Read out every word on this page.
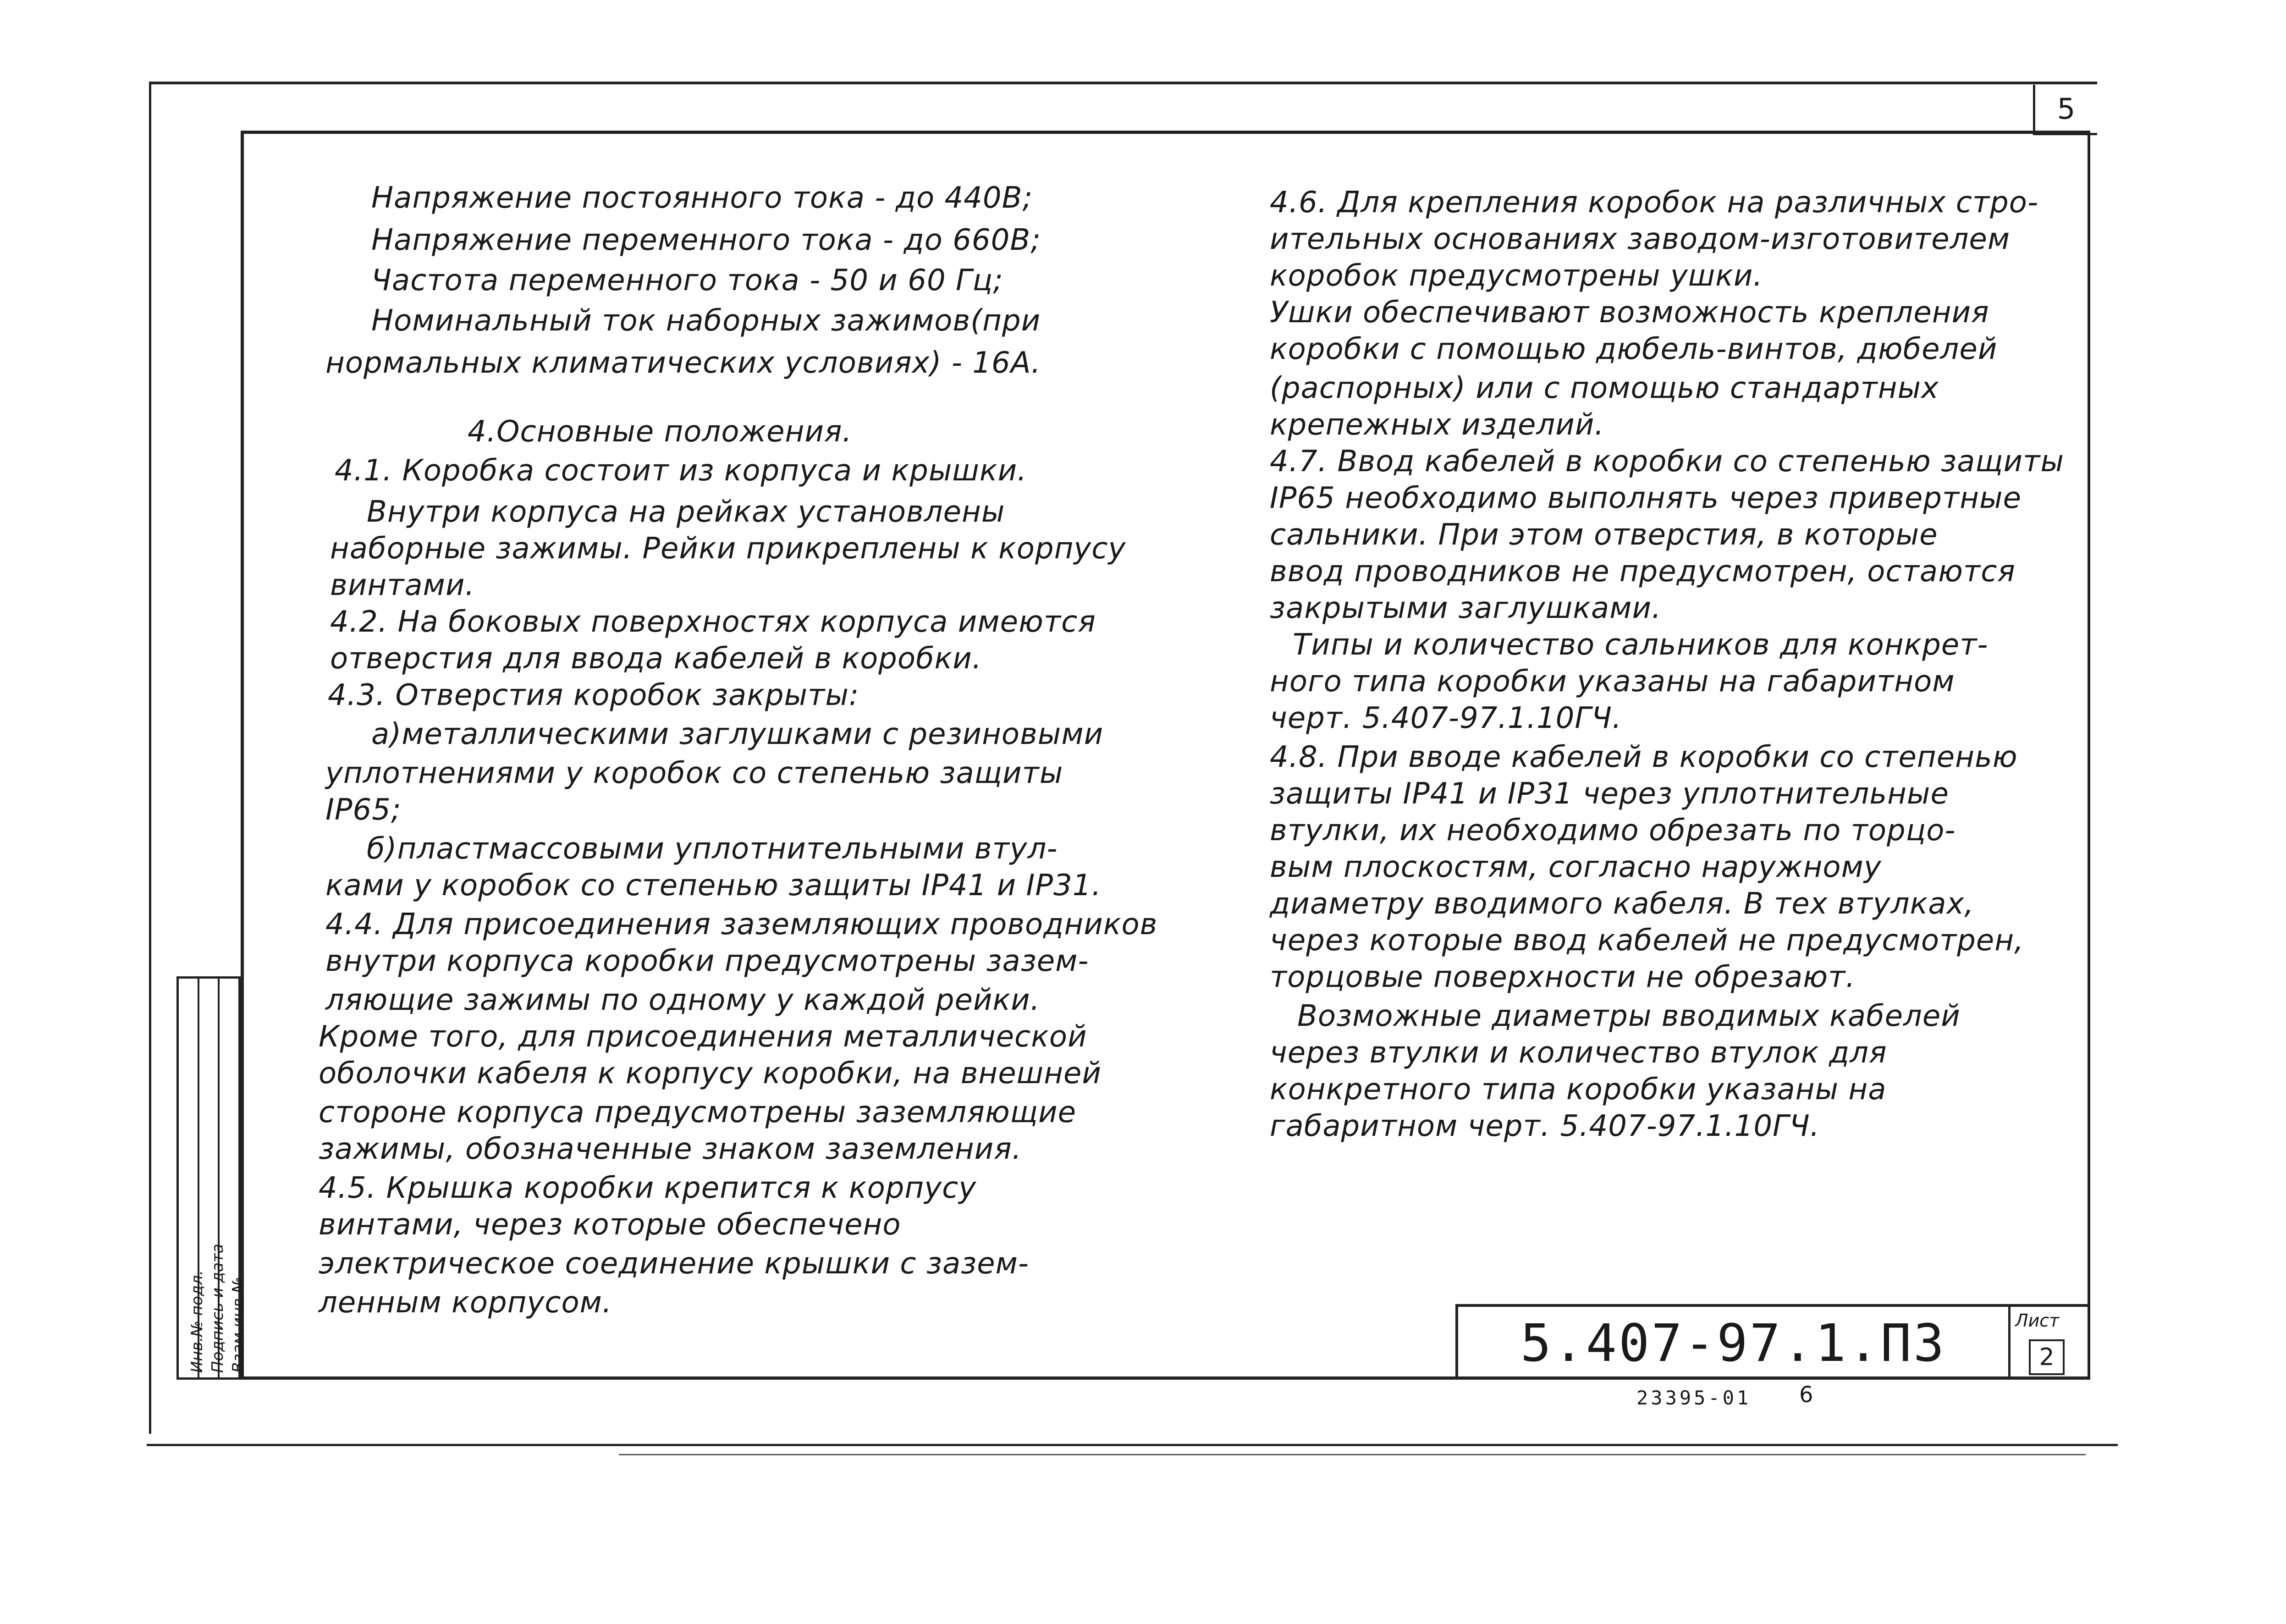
5
Напряжение постоянного тока - до 440В;
Напряжение переменного тока - до 660В;
Частота переменного тока - 50 и 60 Гц;
Номинальный ток наборных зажимов(при
нормальных климатических условиях) - 16А.
4.Основные положения.
4.1. Коробка состоит из корпуса и крышки.
Внутри корпуса на рейках установлены
наборные зажимы. Рейки прикреплены к корпусу
винтами.
4.2. На боковых поверхностях корпуса имеются
отверстия для ввода кабелей в коробки.
4.3. Отверстия коробок закрыты:
а)металлическими заглушками с резиновыми
уплотнениями у коробок со степенью защиты
IP65;
б)пластмассовыми уплотнительными втул-
ками у коробок со степенью защиты IP41 и IP31.
4.4. Для присоединения заземляющих проводников
внутри корпуса коробки предусмотрены зазем-
ляющие зажимы по одному у каждой рейки.
Кроме того, для присоединения металлической
оболочки кабеля к корпусу коробки, на внешней
стороне корпуса предусмотрены заземляющие
зажимы, обозначенные знаком заземления.
4.5. Крышка коробки крепится к корпусу
винтами, через которые обеспечено
электрическое соединение крышки с зазем-
ленным корпусом.
4.6. Для крепления коробок на различных стро-
ительных основаниях заводом-изготовителем
коробок предусмотрены ушки.
Ушки обеспечивают возможность крепления
коробки с помощью дюбель-винтов, дюбелей
(распорных) или с помощью стандартных
крепежных изделий.
4.7. Ввод кабелей в коробки со степенью защиты
IP65 необходимо выполнять через привертные
сальники. При этом отверстия, в которые
ввод проводников не предусмотрен, остаются
закрытыми заглушками.
Типы и количество сальников для конкрет-
ного типа коробки указаны на габаритном
черт. 5.407-97.1.10ГЧ.
4.8. При вводе кабелей в коробки со степенью
защиты IP41 и IP31 через уплотнительные
втулки, их необходимо обрезать по торцо-
вым плоскостям, согласно наружному
диаметру вводимого кабеля. В тех втулках,
через которые ввод кабелей не предусмотрен,
торцовые поверхности не обрезают.
Возможные диаметры вводимых кабелей
через втулки и количество втулок для
конкретного типа коробки указаны на
габаритном черт. 5.407-97.1.10ГЧ.
Инв.№ подл. Подпись и дата Взам.инв.№	5.407-97.1.ПЗ	Лист
2
23395-01 6
